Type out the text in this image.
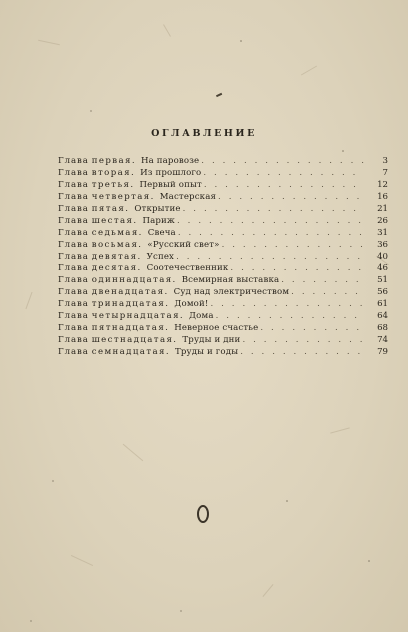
ОГЛАВЛЕНИЕ
Глава первая. На паровозе . . .	3
Глава вторая. Из прошлого . . .	7
Глава третья. Первый опыт . . .	12
Глава четвертая. Мастерская . . .	16
Глава пятая. Открытие . . .	21
Глава шестая. Париж . . .	26
Глава седьмая. Свеча . . .	31
Глава восьмая. «Русский свет» . . .	36
Глава девятая. Успех . . .	40
Глава десятая. Соотечественник . . .	46
Глава одиннадцатая. Всемирная выставка . . .	51
Глава двенадцатая. Суд над электричеством . . .	56
Глава тринадцатая. Домой! . . .	61
Глава четырнадцатая. Дома . . .	64
Глава пятнадцатая. Неверное счастье . . .	68
Глава шестнадцатая. Труды и дни . . .	74
Глава семнадцатая. Труды и годы . . .	79
